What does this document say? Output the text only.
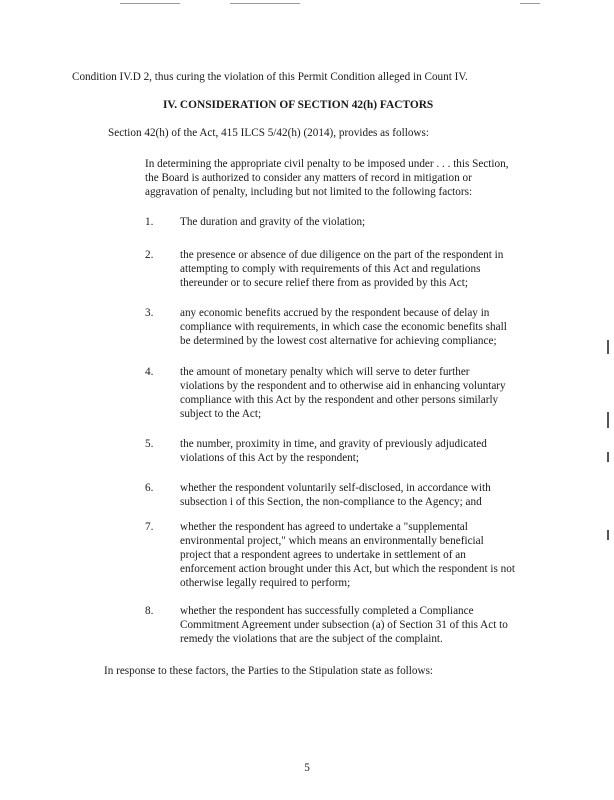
Condition IV.D 2, thus curing the violation of this Permit Condition alleged in Count IV.
IV. CONSIDERATION OF SECTION 42(h) FACTORS
Section 42(h) of the Act, 415 ILCS 5/42(h) (2014), provides as follows:
In determining the appropriate civil penalty to be imposed under . . . this Section,
the Board is authorized to consider any matters of record in mitigation or
aggravation of penalty, including but not limited to the following factors:
1.	The duration and gravity of the violation;
2.	the presence or absence of due diligence on the part of the respondent in
attempting to comply with requirements of this Act and regulations
thereunder or to secure relief there from as provided by this Act;
3.	any economic benefits accrued by the respondent because of delay in
compliance with requirements, in which case the economic benefits shall
be determined by the lowest cost alternative for achieving compliance;
4.	the amount of monetary penalty which will serve to deter further
violations by the respondent and to otherwise aid in enhancing voluntary
compliance with this Act by the respondent and other persons similarly
subject to the Act;
5.	the number, proximity in time, and gravity of previously adjudicated
violations of this Act by the respondent;
6.	whether the respondent voluntarily self-disclosed, in accordance with
subsection i of this Section, the non-compliance to the Agency; and
7.	whether the respondent has agreed to undertake a "supplemental
environmental project," which means an environmentally beneficial
project that a respondent agrees to undertake in settlement of an
enforcement action brought under this Act, but which the respondent is not
otherwise legally required to perform;
8.	whether the respondent has successfully completed a Compliance
Commitment Agreement under subsection (a) of Section 31 of this Act to
remedy the violations that are the subject of the complaint.
In response to these factors, the Parties to the Stipulation state as follows:
5
